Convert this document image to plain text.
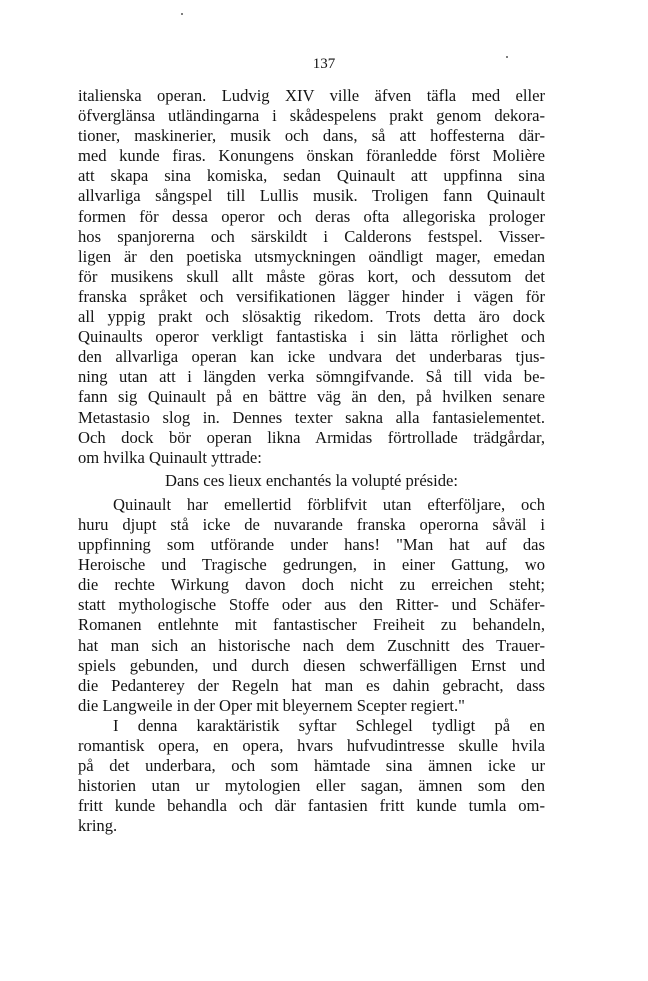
137
italienska operan. Ludvig XIV ville äfven täfla med eller
öfverglänsa utländingarna i skådespelens prakt genom dekora-
tioner, maskinerier, musik och dans, så att hoffesterna där-
med kunde firas. Konungens önskan föranledde först Molière
att skapa sina komiska, sedan Quinault att uppfinna sina
allvarliga sångspel till Lullis musik. Troligen fann Quinault
formen för dessa operor och deras ofta allegoriska prologer
hos spanjorerna och särskildt i Calderons festspel. Visser-
ligen är den poetiska utsmyckningen oändligt mager, emedan
för musikens skull allt måste göras kort, och dessutom det
franska språket och versifikationen lägger hinder i vägen för
all yppig prakt och slösaktig rikedom. Trots detta äro dock
Quinaults operor verkligt fantastiska i sin lätta rörlighet och
den allvarliga operan kan icke undvara det underbaras tjus-
ning utan att i längden verka sömngifvande. Så till vida be-
fann sig Quinault på en bättre väg än den, på hvilken senare
Metastasio slog in. Dennes texter sakna alla fantasielementet.
Och dock bör operan likna Armidas förtrollade trädgårdar,
om hvilka Quinault yttrade:
Dans ces lieux enchantés la volupté préside:
Quinault har emellertid förblifvit utan efterföljare, och
huru djupt stå icke de nuvarande franska operorna såväl i
uppfinning som utförande under hans! "Man hat auf das
Heroische und Tragische gedrungen, in einer Gattung, wo
die rechte Wirkung davon doch nicht zu erreichen steht;
statt mythologische Stoffe oder aus den Ritter- und Schäfer-
Romanen entlehnte mit fantastischer Freiheit zu behandeln,
hat man sich an historische nach dem Zuschnitt des Trauer-
spiels gebunden, und durch diesen schwerfälligen Ernst und
die Pedanterey der Regeln hat man es dahin gebracht, dass
die Langweile in der Oper mit bleyernem Scepter regiert."
I denna karaktäristik syftar Schlegel tydligt på en
romantisk opera, en opera, hvars hufvudintresse skulle hvila
på det underbara, och som hämtade sina ämnen icke ur
historien utan ur mytologien eller sagan, ämnen som den
fritt kunde behandla och där fantasien fritt kunde tumla om-
kring.
